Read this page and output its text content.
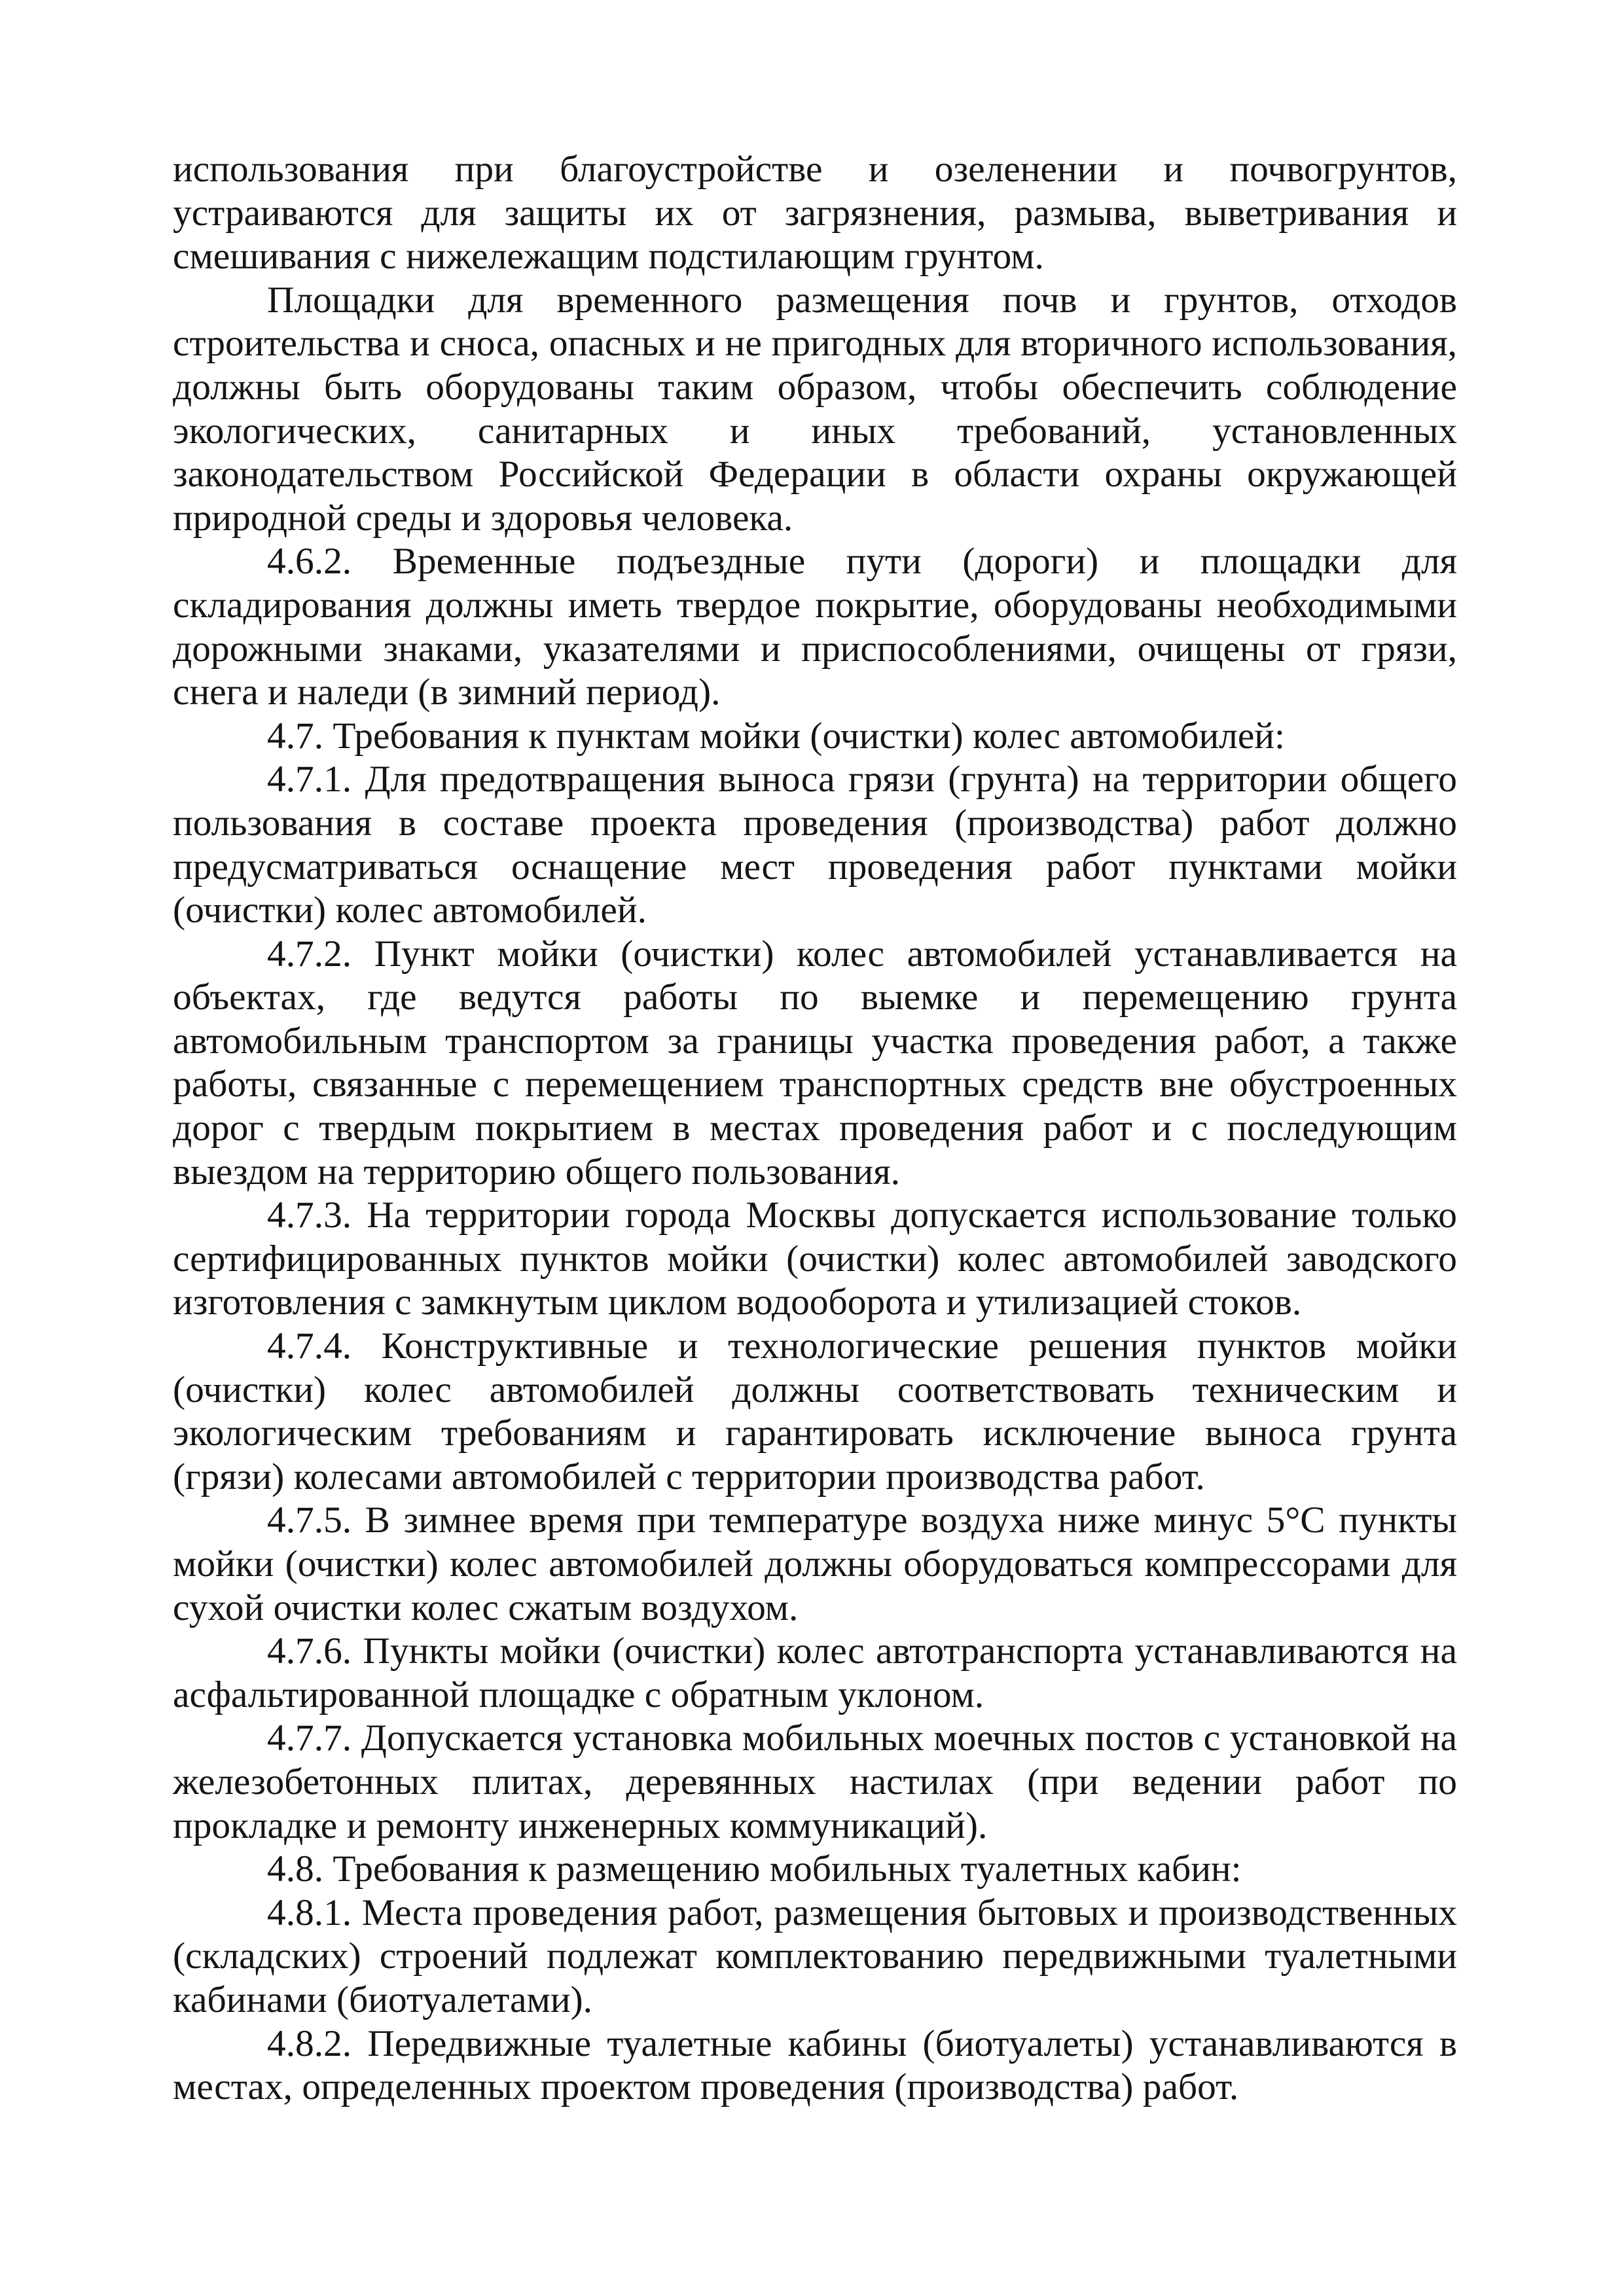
использования при благоустройстве и озеленении и почвогрунтов, устраиваются для защиты их от загрязнения, размыва, выветривания и смешивания с нижележащим подстилающим грунтом.

Площадки для временного размещения почв и грунтов, отходов строительства и сноса, опасных и не пригодных для вторичного использования, должны быть оборудованы таким образом, чтобы обеспечить соблюдение экологических, санитарных и иных требований, установленных законодательством Российской Федерации в области охраны окружающей природной среды и здоровья человека.

4.6.2. Временные подъездные пути (дороги) и площадки для складирования должны иметь твердое покрытие, оборудованы необходимыми дорожными знаками, указателями и приспособлениями, очищены от грязи, снега и наледи (в зимний период).

4.7. Требования к пунктам мойки (очистки) колес автомобилей:

4.7.1. Для предотвращения выноса грязи (грунта) на территории общего пользования в составе проекта проведения (производства) работ должно предусматриваться оснащение мест проведения работ пунктами мойки (очистки) колес автомобилей.

4.7.2. Пункт мойки (очистки) колес автомобилей устанавливается на объектах, где ведутся работы по выемке и перемещению грунта автомобильным транспортом за границы участка проведения работ, а также работы, связанные с перемещением транспортных средств вне обустроенных дорог с твердым покрытием в местах проведения работ и с последующим выездом на территорию общего пользования.

4.7.3. На территории города Москвы допускается использование только сертифицированных пунктов мойки (очистки) колес автомобилей заводского изготовления с замкнутым циклом водооборота и утилизацией стоков.

4.7.4. Конструктивные и технологические решения пунктов мойки (очистки) колес автомобилей должны соответствовать техническим и экологическим требованиям и гарантировать исключение выноса грунта (грязи) колесами автомобилей с территории производства работ.

4.7.5. В зимнее время при температуре воздуха ниже минус 5°С пункты мойки (очистки) колес автомобилей должны оборудоваться компрессорами для сухой очистки колес сжатым воздухом.

4.7.6. Пункты мойки (очистки) колес автотранспорта устанавливаются на асфальтированной площадке с обратным уклоном.

4.7.7. Допускается установка мобильных моечных постов с установкой на железобетонных плитах, деревянных настилах (при ведении работ по прокладке и ремонту инженерных коммуникаций).

4.8. Требования к размещению мобильных туалетных кабин:

4.8.1. Места проведения работ, размещения бытовых и производственных (складских) строений подлежат комплектованию передвижными туалетными кабинами (биотуалетами).

4.8.2. Передвижные туалетные кабины (биотуалеты) устанавливаются в местах, определенных проектом проведения (производства) работ.
